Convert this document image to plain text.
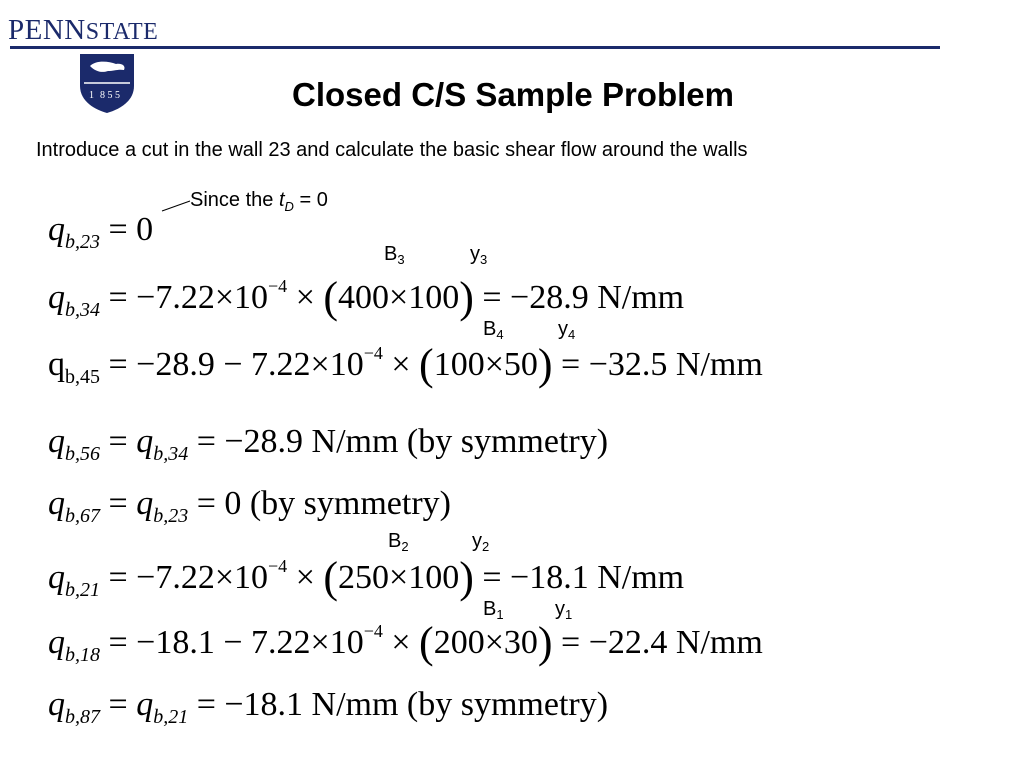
PENNSTATE
1 8 5 5	Closed C/S Sample Problem
Introduce a cut in the wall 23 and calculate the basic shear flow around the walls
Since the $t_D = 0$
$B_3$	$y_3$
$B_4$	$y_4$
$B_2$	$y_2$
$B_1$	$y_1$
$q_{b,23} = 0$
$q_{b,34} = -7.22\times 10^{-4} \times (400\times 100) = -28.9$ N/mm
$q_{b,45} = -28.9 - 7.22\times 10^{-4} \times (100\times 50) = -32.5$ N/mm
$q_{b,56} = q_{b,34} = -28.9$ N/mm (by symmetry)
$q_{b,67} = q_{b,23} = 0$ (by symmetry)
$q_{b,21} = -7.22\times 10^{-4} \times (250\times 100) = -18.1$ N/mm
$q_{b,18} = -18.1 - 7.22\times 10^{-4} \times (200\times 30) = -22.4$ N/mm
$q_{b,87} = q_{b,21} = -18.1$ N/mm (by symmetry)
